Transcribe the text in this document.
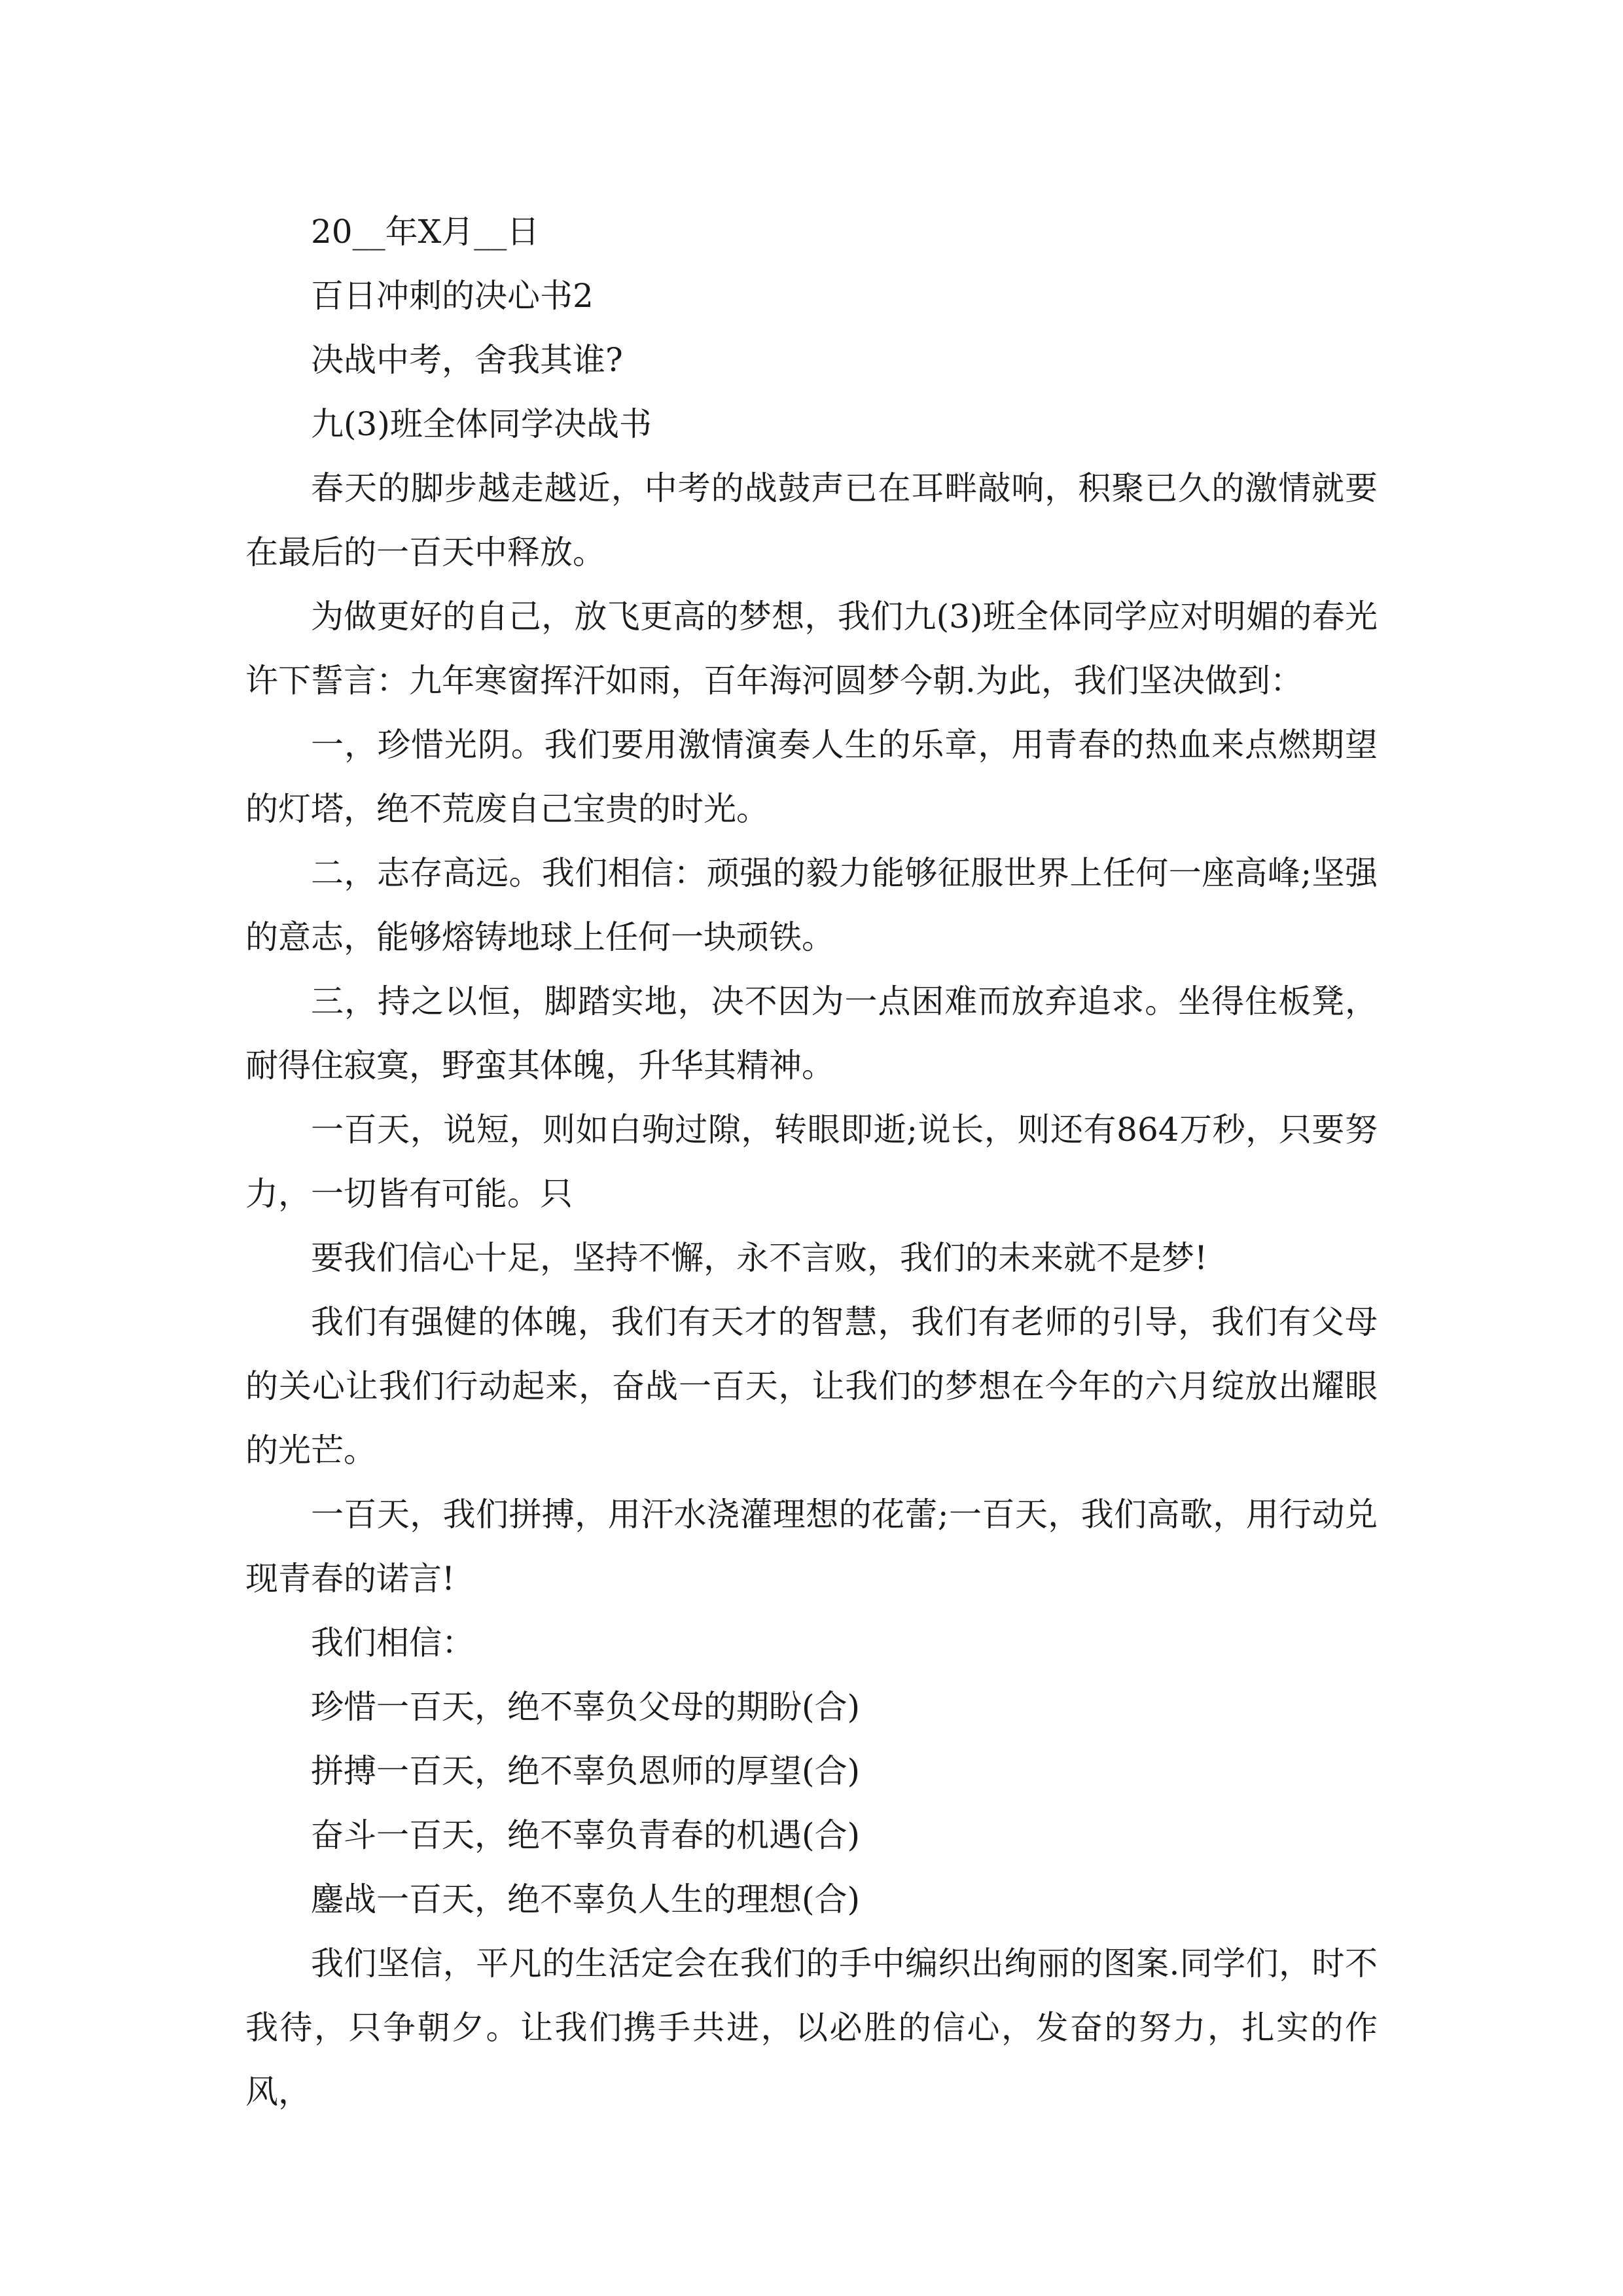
20__年X月__日

百日冲刺的决心书2

决战中考，舍我其谁?

九(3)班全体同学决战书

春天的脚步越走越近，中考的战鼓声已在耳畔敲响，积聚已久的激情就要在最后的一百天中释放。

为做更好的自己，放飞更高的梦想，我们九(3)班全体同学应对明媚的春光许下誓言：九年寒窗挥汗如雨，百年海河圆梦今朝.为此，我们坚决做到：

一，珍惜光阴。我们要用激情演奏人生的乐章，用青春的热血来点燃期望的灯塔，绝不荒废自己宝贵的时光。

二，志存高远。我们相信：顽强的毅力能够征服世界上任何一座高峰;坚强的意志，能够熔铸地球上任何一块顽铁。

三，持之以恒，脚踏实地，决不因为一点困难而放弃追求。坐得住板凳，耐得住寂寞，野蛮其体魄，升华其精神。

一百天，说短，则如白驹过隙，转眼即逝;说长，则还有864万秒，只要努力，一切皆有可能。只

要我们信心十足，坚持不懈，永不言败，我们的未来就不是梦!

我们有强健的体魄，我们有天才的智慧，我们有老师的引导，我们有父母的关心让我们行动起来，奋战一百天，让我们的梦想在今年的六月绽放出耀眼的光芒。

一百天，我们拼搏，用汗水浇灌理想的花蕾;一百天，我们高歌，用行动兑现青春的诺言!

我们相信：

珍惜一百天，绝不辜负父母的期盼(合)

拼搏一百天，绝不辜负恩师的厚望(合)

奋斗一百天，绝不辜负青春的机遇(合)

鏖战一百天，绝不辜负人生的理想(合)

我们坚信，平凡的生活定会在我们的手中编织出绚丽的图案.同学们，时不我待，只争朝夕。让我们携手共进，以必胜的信心，发奋的努力，扎实的作风，
